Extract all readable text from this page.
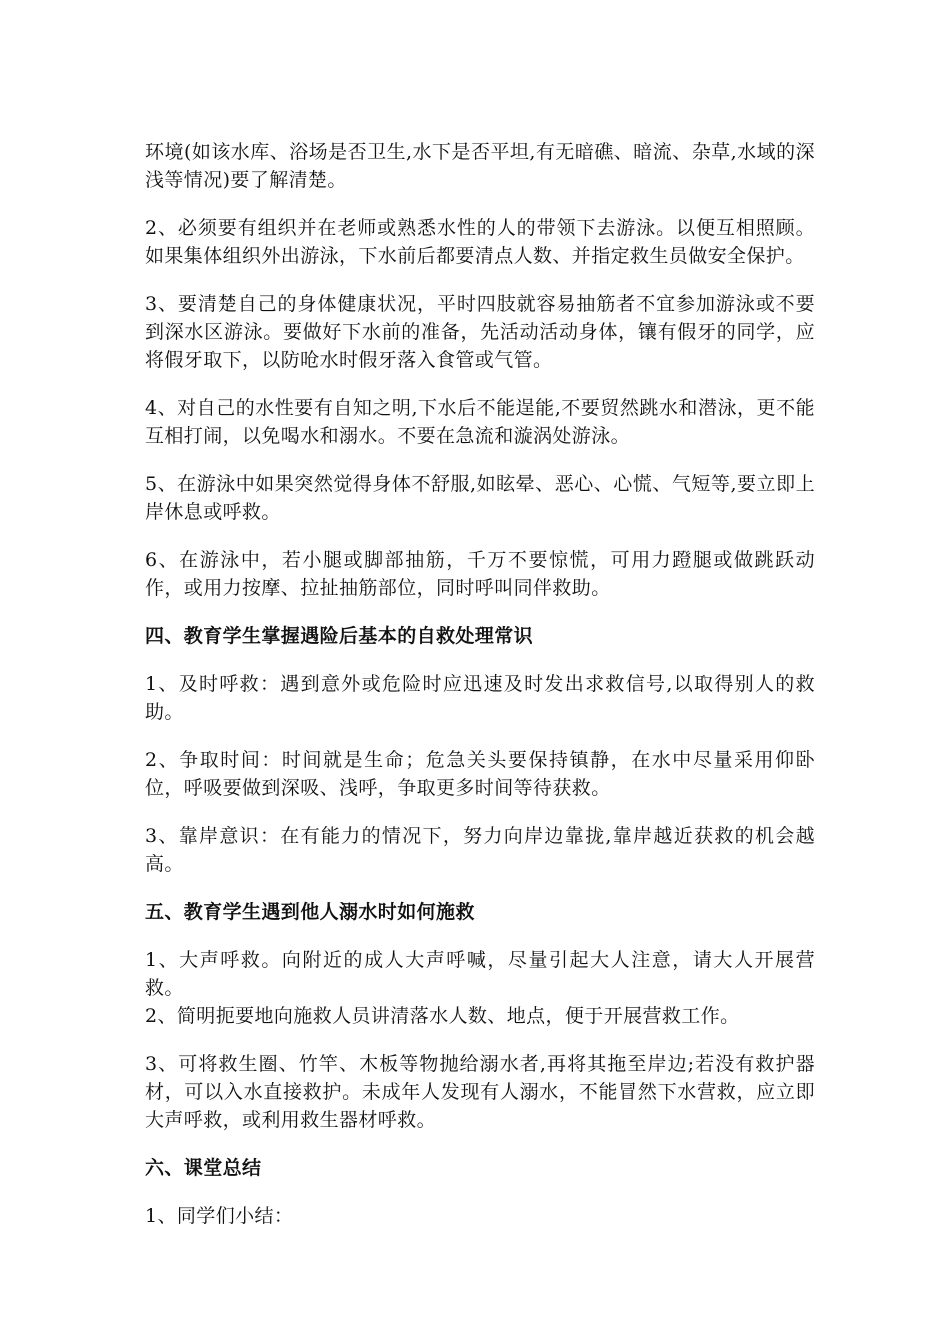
环境(如该水库、浴场是否卫生,水下是否平坦,有无暗礁、暗流、杂草,水域的深浅等情况)要了解清楚。

2、必须要有组织并在老师或熟悉水性的人的带领下去游泳。以便互相照顾。如果集体组织外出游泳，下水前后都要清点人数、并指定救生员做安全保护。

3、要清楚自己的身体健康状况，平时四肢就容易抽筋者不宜参加游泳或不要到深水区游泳。要做好下水前的准备，先活动活动身体，镶有假牙的同学，应将假牙取下，以防呛水时假牙落入食管或气管。

4、对自己的水性要有自知之明,下水后不能逞能,不要贸然跳水和潜泳，更不能互相打闹，以免喝水和溺水。不要在急流和漩涡处游泳。

5、在游泳中如果突然觉得身体不舒服,如眩晕、恶心、心慌、气短等,要立即上岸休息或呼救。

6、在游泳中，若小腿或脚部抽筋，千万不要惊慌，可用力蹬腿或做跳跃动作，或用力按摩、拉扯抽筋部位，同时呼叫同伴救助。

四、教育学生掌握遇险后基本的自救处理常识

1、及时呼救：遇到意外或危险时应迅速及时发出求救信号,以取得别人的救助。

2、争取时间：时间就是生命；危急关头要保持镇静，在水中尽量采用仰卧位，呼吸要做到深吸、浅呼，争取更多时间等待获救。

3、靠岸意识：在有能力的情况下，努力向岸边靠拢,靠岸越近获救的机会越高。

五、教育学生遇到他人溺水时如何施救

1、大声呼救。向附近的成人大声呼喊，尽量引起大人注意，请大人开展营救。

2、简明扼要地向施救人员讲清落水人数、地点，便于开展营救工作。

3、可将救生圈、竹竿、木板等物抛给溺水者,再将其拖至岸边;若没有救护器材，可以入水直接救护。未成年人发现有人溺水，不能冒然下水营救，应立即大声呼救，或利用救生器材呼救。

六、课堂总结

1、同学们小结：
